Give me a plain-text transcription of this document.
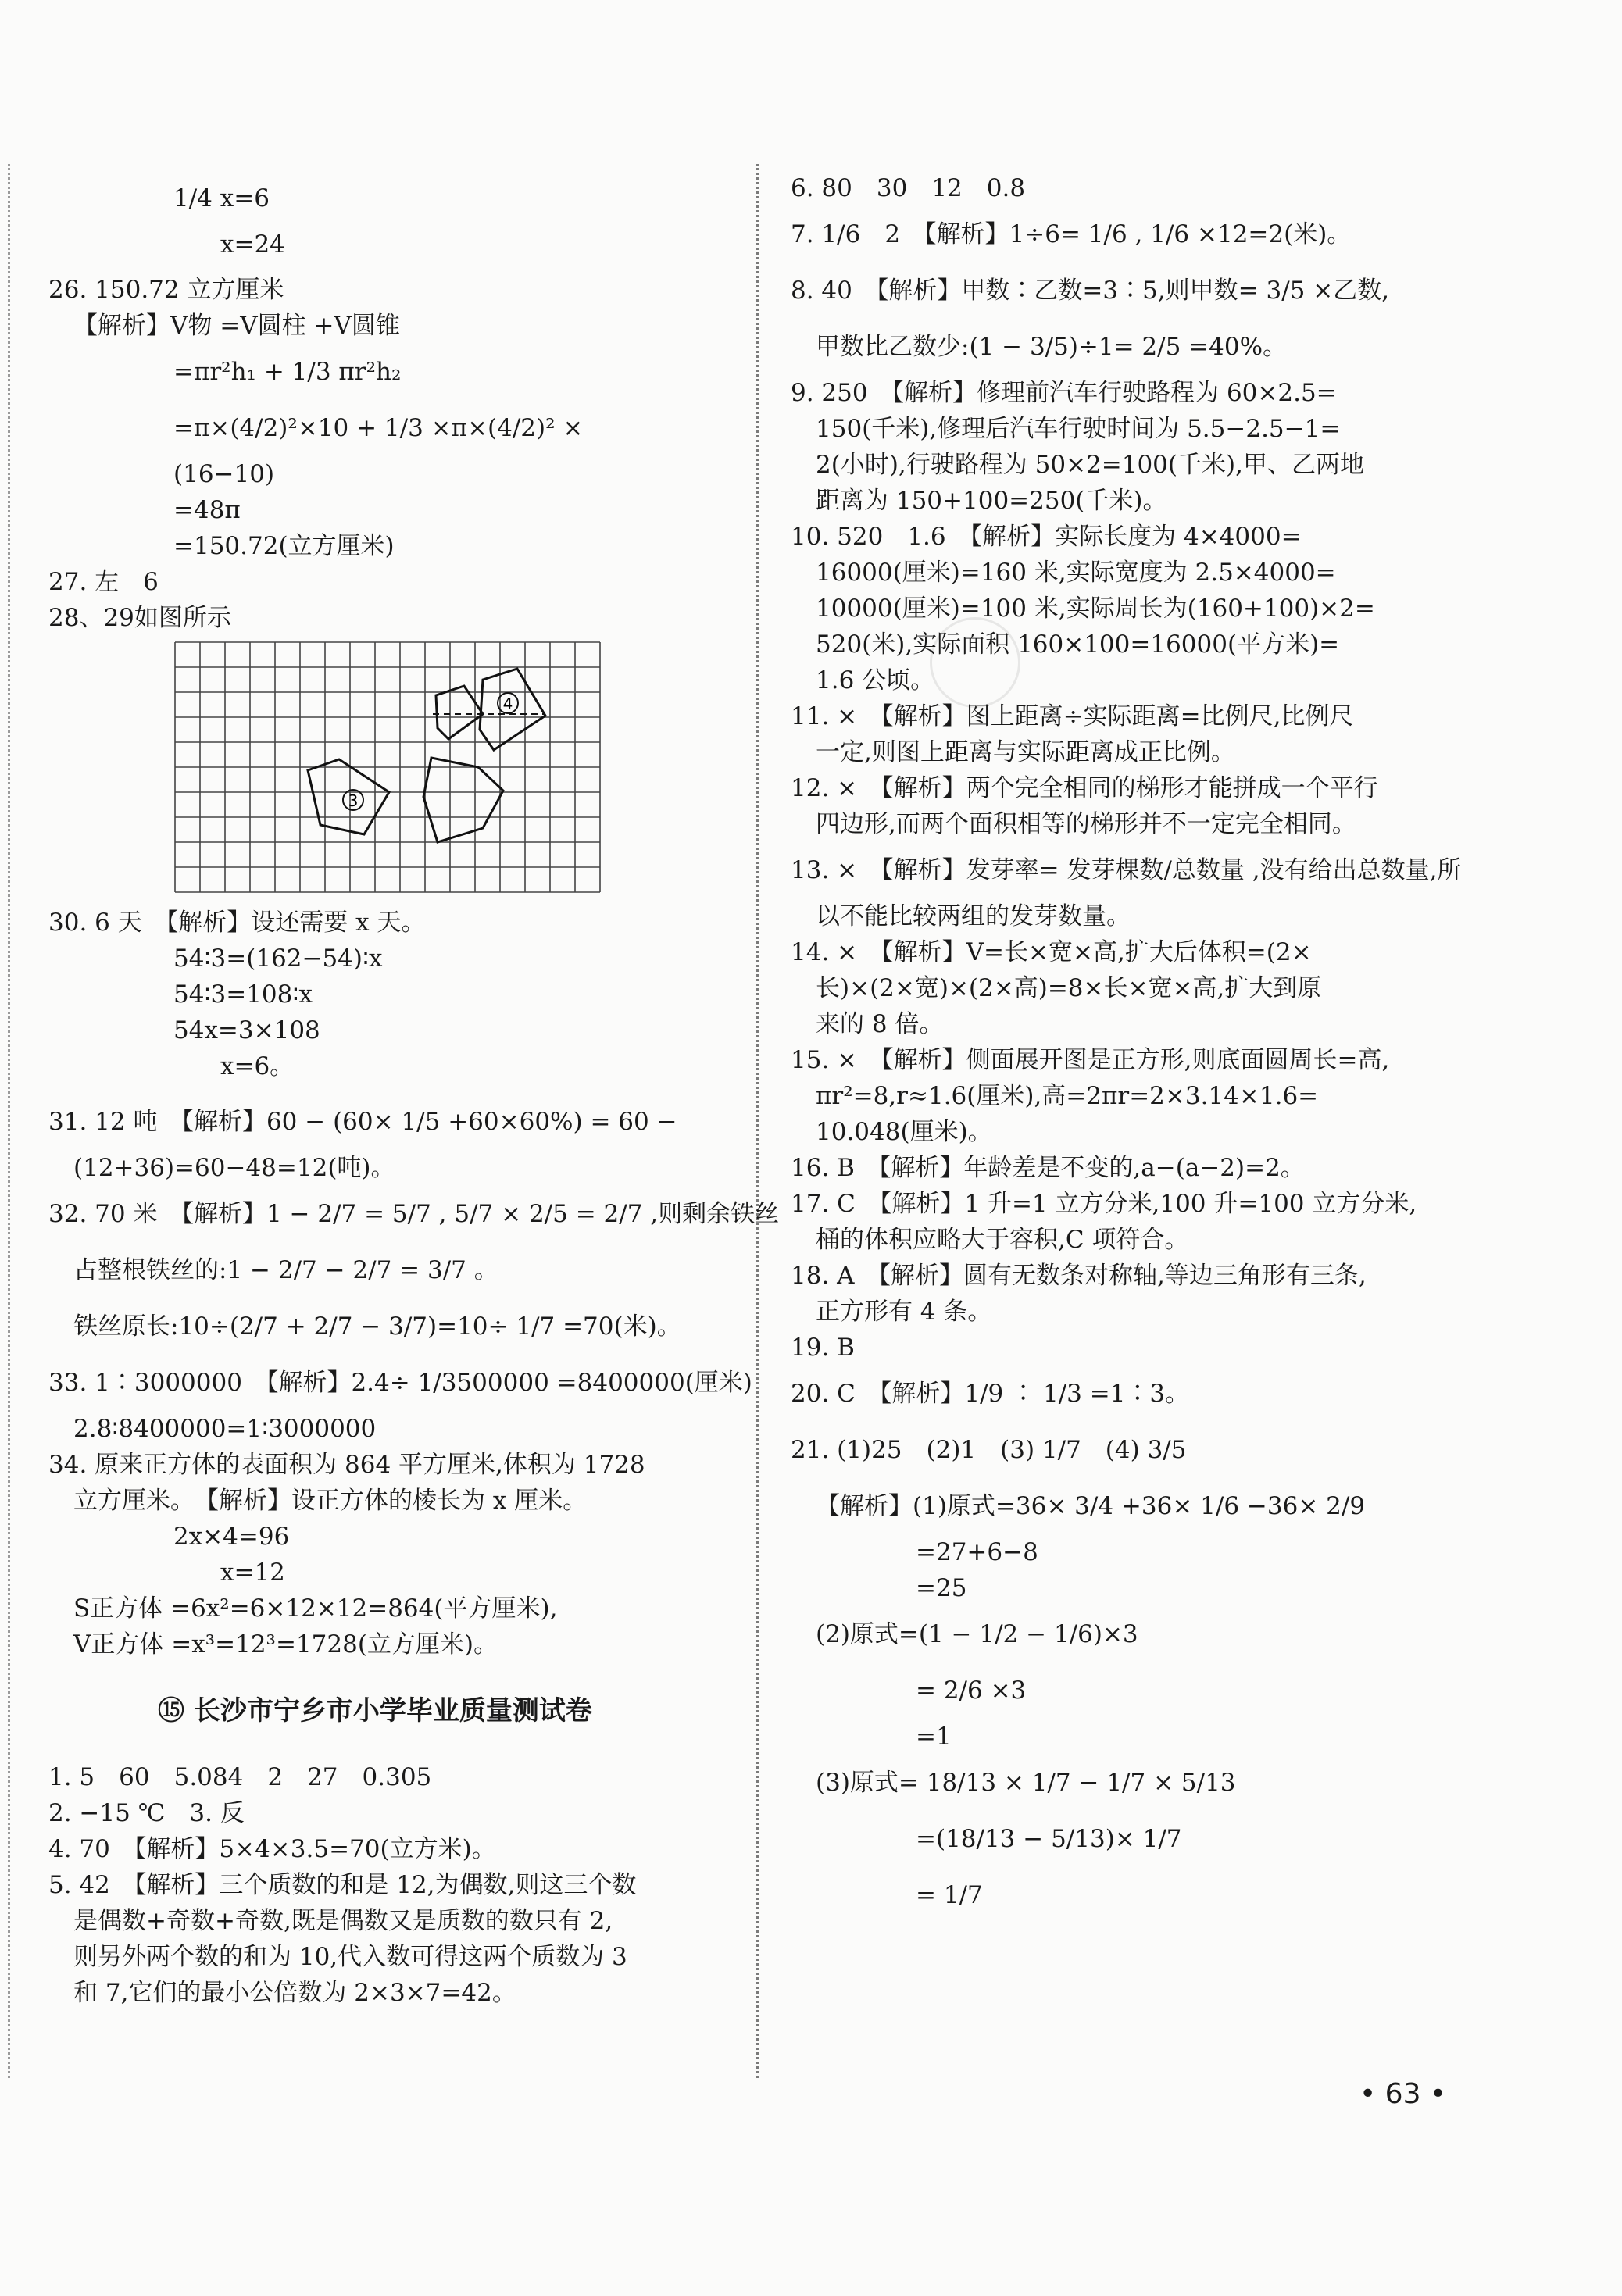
1/4 x=6

x=24

26. 150.72 立方厘米

【解析】V物 =V圆柱 +V圆锥

=πr²h₁ + 1/3 πr²h₂

=π×(4/2)²×10 + 1/3 ×π×(4/2)² ×

(16−10)

=48π

=150.72(立方厘米)

27. 左　6

28、29如图所示

3
4

30. 6 天　【解析】设还需要 x 天。

54∶3=(162−54)∶x

54∶3=108∶x

54x=3×108

x=6。

31. 12 吨　【解析】60 − (60× 1/5 +60×60%) = 60 −

(12+36)=60−48=12(吨)。

32. 70 米　【解析】1 − 2/7 = 5/7 , 5/7 × 2/5 = 2/7 ,则剩余铁丝

占整根铁丝的:1 − 2/7 − 2/7 = 3/7 。

铁丝原长:10÷(2/7 + 2/7 − 3/7)=10÷ 1/7 =70(米)。

33. 1∶3000000　【解析】2.4÷ 1/3500000 =8400000(厘米)

2.8∶8400000=1∶3000000

34. 原来正方体的表面积为 864 平方厘米,体积为 1728

立方厘米。　【解析】设正方体的棱长为 x 厘米。

2x×4=96

x=12

S正方体 =6x²=6×12×12=864(平方厘米),

V正方体 =x³=12³=1728(立方厘米)。

⑮ 长沙市宁乡市小学毕业质量测试卷

1. 5　60　5.084　2　27　0.305

2. −15 ℃　3. 反

4. 70　【解析】5×4×3.5=70(立方米)。

5. 42　【解析】三个质数的和是 12,为偶数,则这三个数

是偶数+奇数+奇数,既是偶数又是质数的数只有 2,

则另外两个数的和为 10,代入数可得这两个质数为 3

和 7,它们的最小公倍数为 2×3×7=42。

6. 80　30　12　0.8

7. 1/6　2　【解析】1÷6= 1/6 , 1/6 ×12=2(米)。

8. 40　【解析】甲数∶乙数=3∶5,则甲数= 3/5 ×乙数,

甲数比乙数少:(1 − 3/5)÷1= 2/5 =40%。

9. 250　【解析】修理前汽车行驶路程为 60×2.5=

150(千米),修理后汽车行驶时间为 5.5−2.5−1=

2(小时),行驶路程为 50×2=100(千米),甲、乙两地

距离为 150+100=250(千米)。

10. 520　1.6　【解析】实际长度为 4×4000=

16000(厘米)=160 米,实际宽度为 2.5×4000=

10000(厘米)=100 米,实际周长为(160+100)×2=

520(米),实际面积 160×100=16000(平方米)=

1.6 公顷。

11. ×　【解析】图上距离÷实际距离=比例尺,比例尺

一定,则图上距离与实际距离成正比例。

12. ×　【解析】两个完全相同的梯形才能拼成一个平行

四边形,而两个面积相等的梯形并不一定完全相同。

13. ×　【解析】发芽率= 发芽棵数/总数量 ,没有给出总数量,所

以不能比较两组的发芽数量。

14. ×　【解析】V=长×宽×高,扩大后体积=(2×

长)×(2×宽)×(2×高)=8×长×宽×高,扩大到原

来的 8 倍。

15. ×　【解析】侧面展开图是正方形,则底面圆周长=高,

πr²=8,r≈1.6(厘米),高=2πr=2×3.14×1.6=

10.048(厘米)。

16. B　【解析】年龄差是不变的,a−(a−2)=2。

17. C　【解析】1 升=1 立方分米,100 升=100 立方分米,

桶的体积应略大于容积,C 项符合。

18. A　【解析】圆有无数条对称轴,等边三角形有三条,

正方形有 4 条。

19. B

20. C　【解析】1/9 ∶ 1/3 =1∶3。

21. (1)25　(2)1　(3) 1/7　(4) 3/5

【解析】(1)原式=36× 3/4 +36× 1/6 −36× 2/9

=27+6−8

=25

(2)原式=(1 − 1/2 − 1/6)×3

= 2/6 ×3

=1

(3)原式= 18/13 × 1/7 − 1/7 × 5/13

=(18/13 − 5/13)× 1/7

= 1/7

• 63 •
